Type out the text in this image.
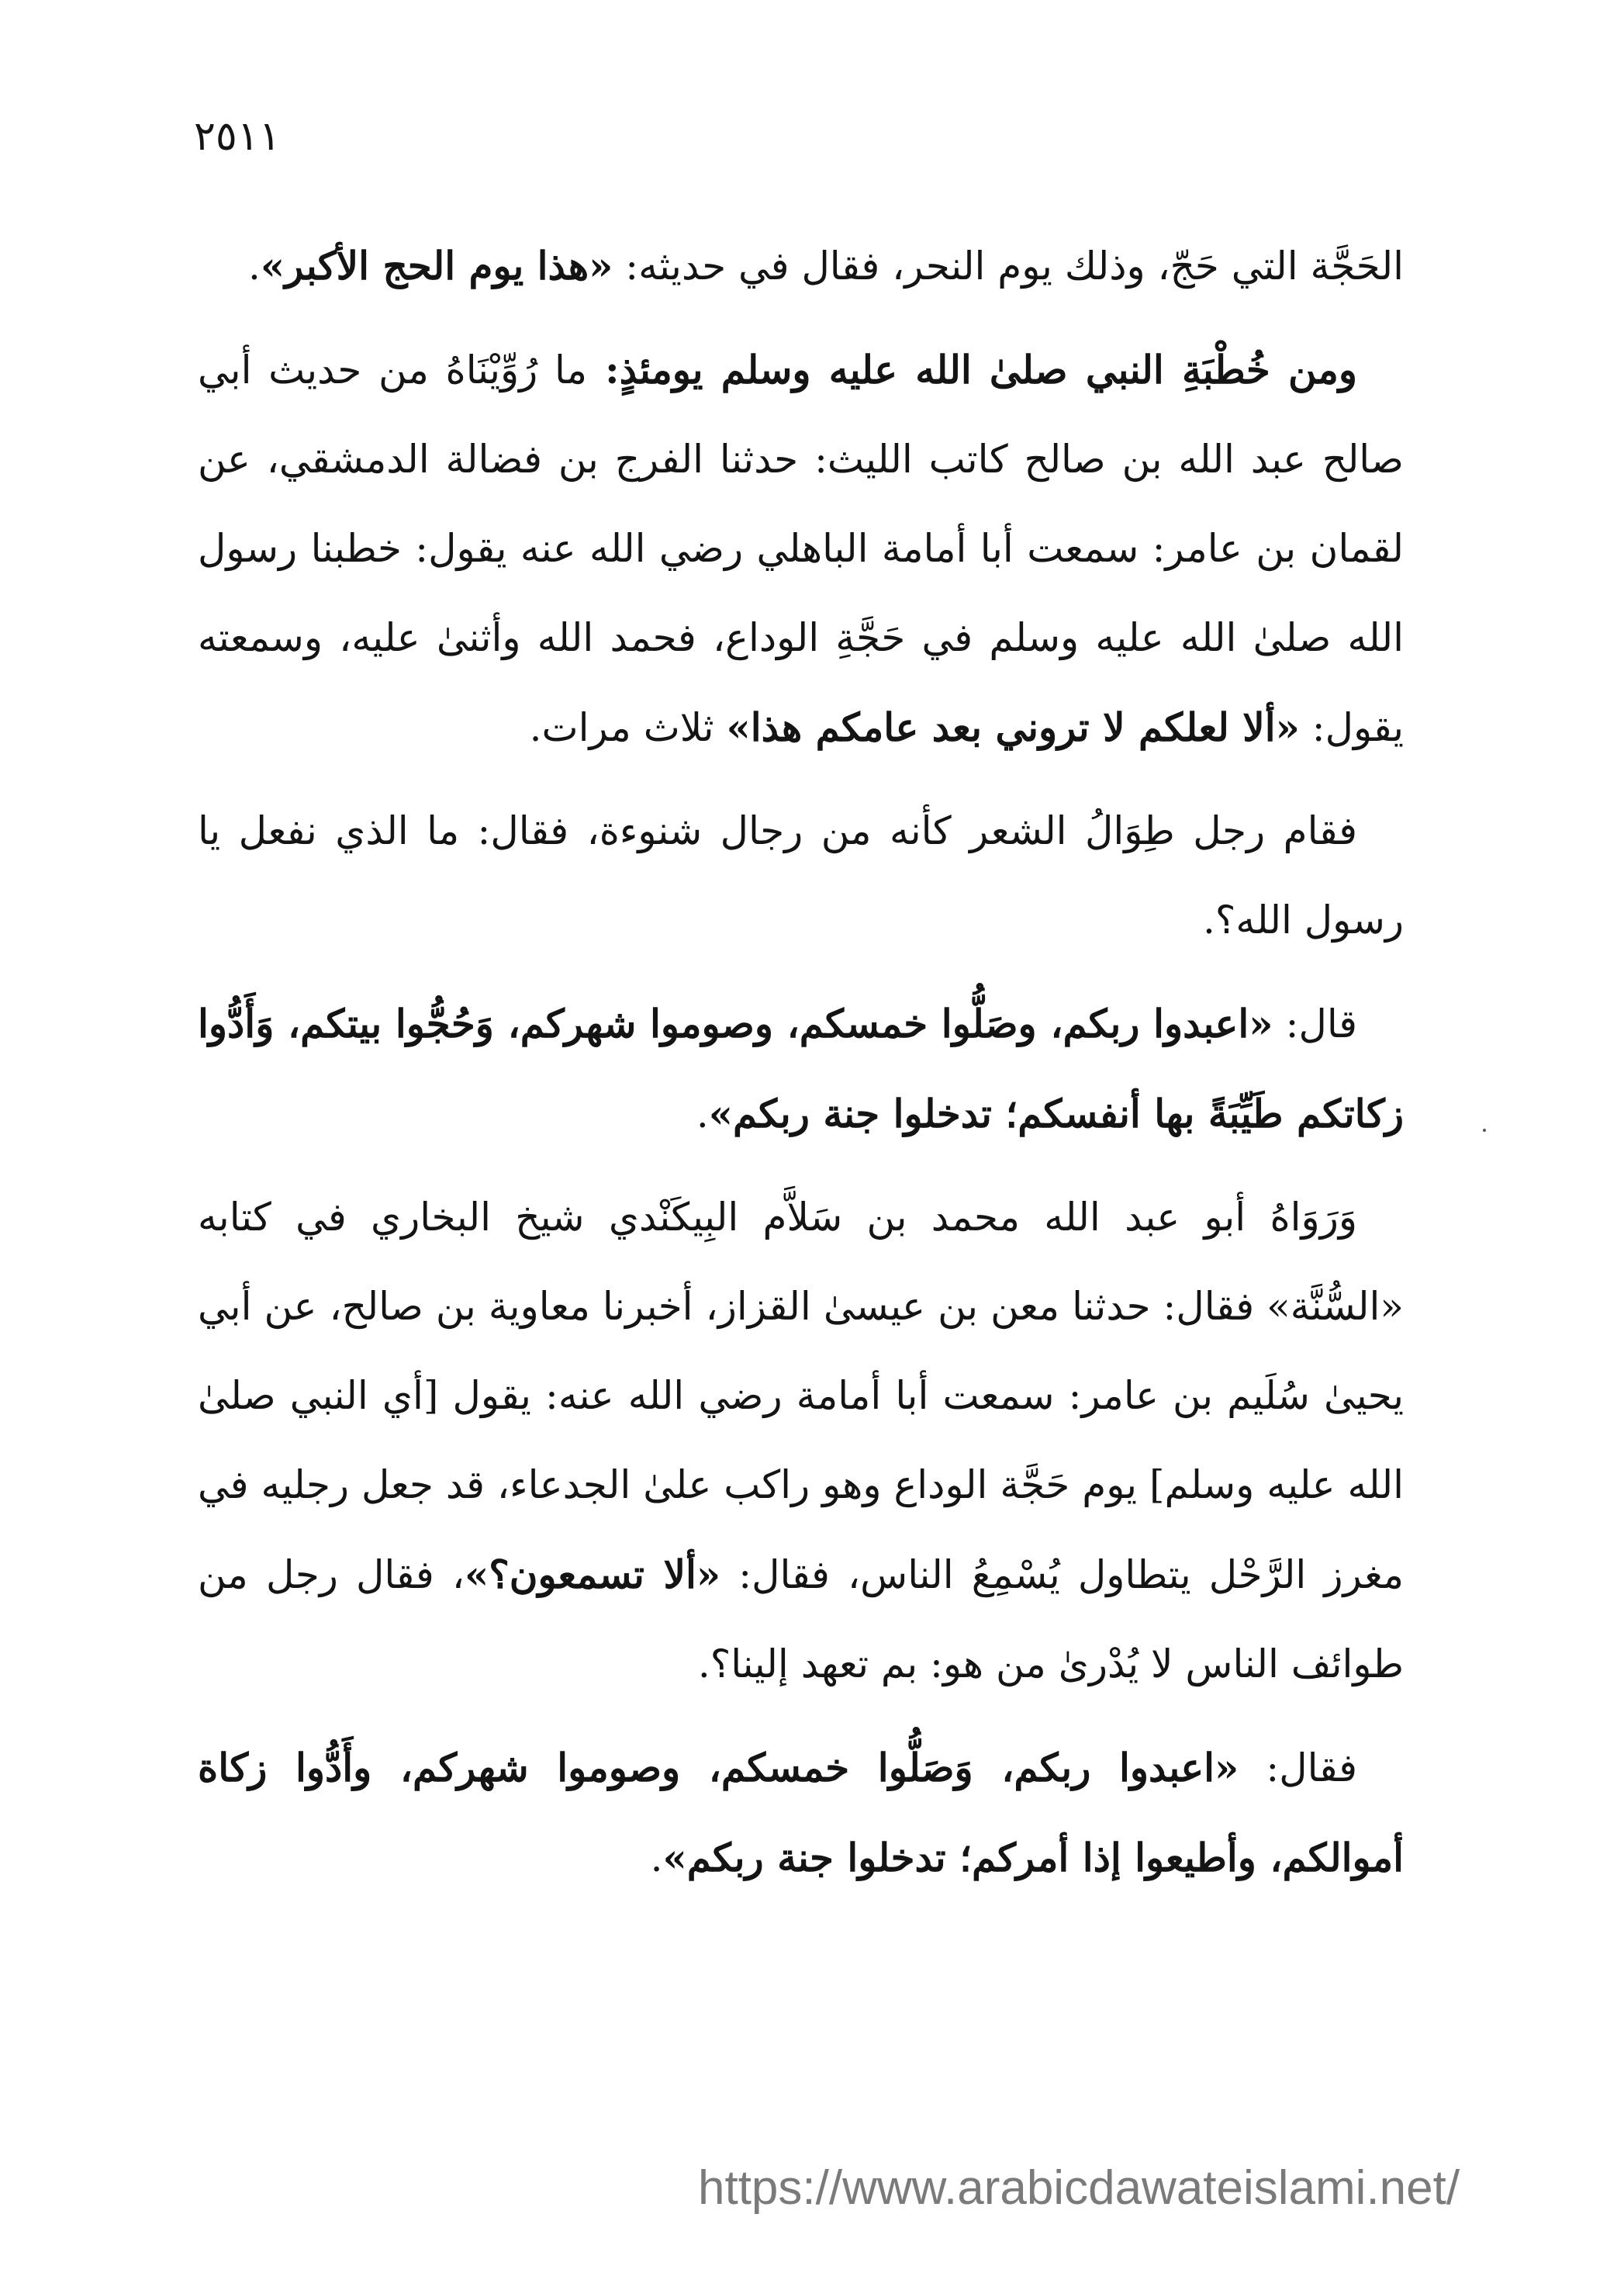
٢٥١١

الحَجَّة التي حَجّ، وذلك يوم النحر، فقال في حديثه: «هذا يوم الحج الأكبر».

ومن خُطْبَةِ النبي صلىٰ الله عليه وسلم يومئذٍ: ما رُوِّيْنَاهُ من حديث أبي صالح عبد الله بن صالح كاتب الليث: حدثنا الفرج بن فضالة الدمشقي، عن لقمان بن عامر: سمعت أبا أمامة الباهلي رضي الله عنه يقول: خطبنا رسول الله صلىٰ الله عليه وسلم في حَجَّةِ الوداع، فحمد الله وأثنىٰ عليه، وسمعته يقول: «ألا لعلكم لا تروني بعد عامكم هذا» ثلاث مرات.

فقام رجل طِوَالُ الشعر كأنه من رجال شنوءة، فقال: ما الذي نفعل يا رسول الله؟.

قال: «اعبدوا ربكم، وصَلُّوا خمسكم، وصوموا شهركم، وَحُجُّوا بيتكم، وَأَدُّوا زكاتكم طَيِّبَةً بها أنفسكم؛ تدخلوا جنة ربكم».

وَرَوَاهُ أبو عبد الله محمد بن سَلاَّم البِيكَنْدي شيخ البخاري في كتابه «السُّنَّة» فقال: حدثنا معن بن عيسىٰ القزاز، أخبرنا معاوية بن صالح، عن أبي يحيىٰ سُلَيم بن عامر: سمعت أبا أمامة رضي الله عنه: يقول [أي النبي صلىٰ الله عليه وسلم] يوم حَجَّة الوداع وهو راكب علىٰ الجدعاء، قد جعل رجليه في مغرز الرَّحْل يتطاول يُسْمِعُ الناس، فقال: «ألا تسمعون؟»، فقال رجل من طوائف الناس لا يُدْرىٰ من هو: بم تعهد إلينا؟.

فقال: «اعبدوا ربكم، وَصَلُّوا خمسكم، وصوموا شهركم، وأَدُّوا زكاة أموالكم، وأطيعوا إذا أمركم؛ تدخلوا جنة ربكم».

https://www.arabicdawateislami.net/
